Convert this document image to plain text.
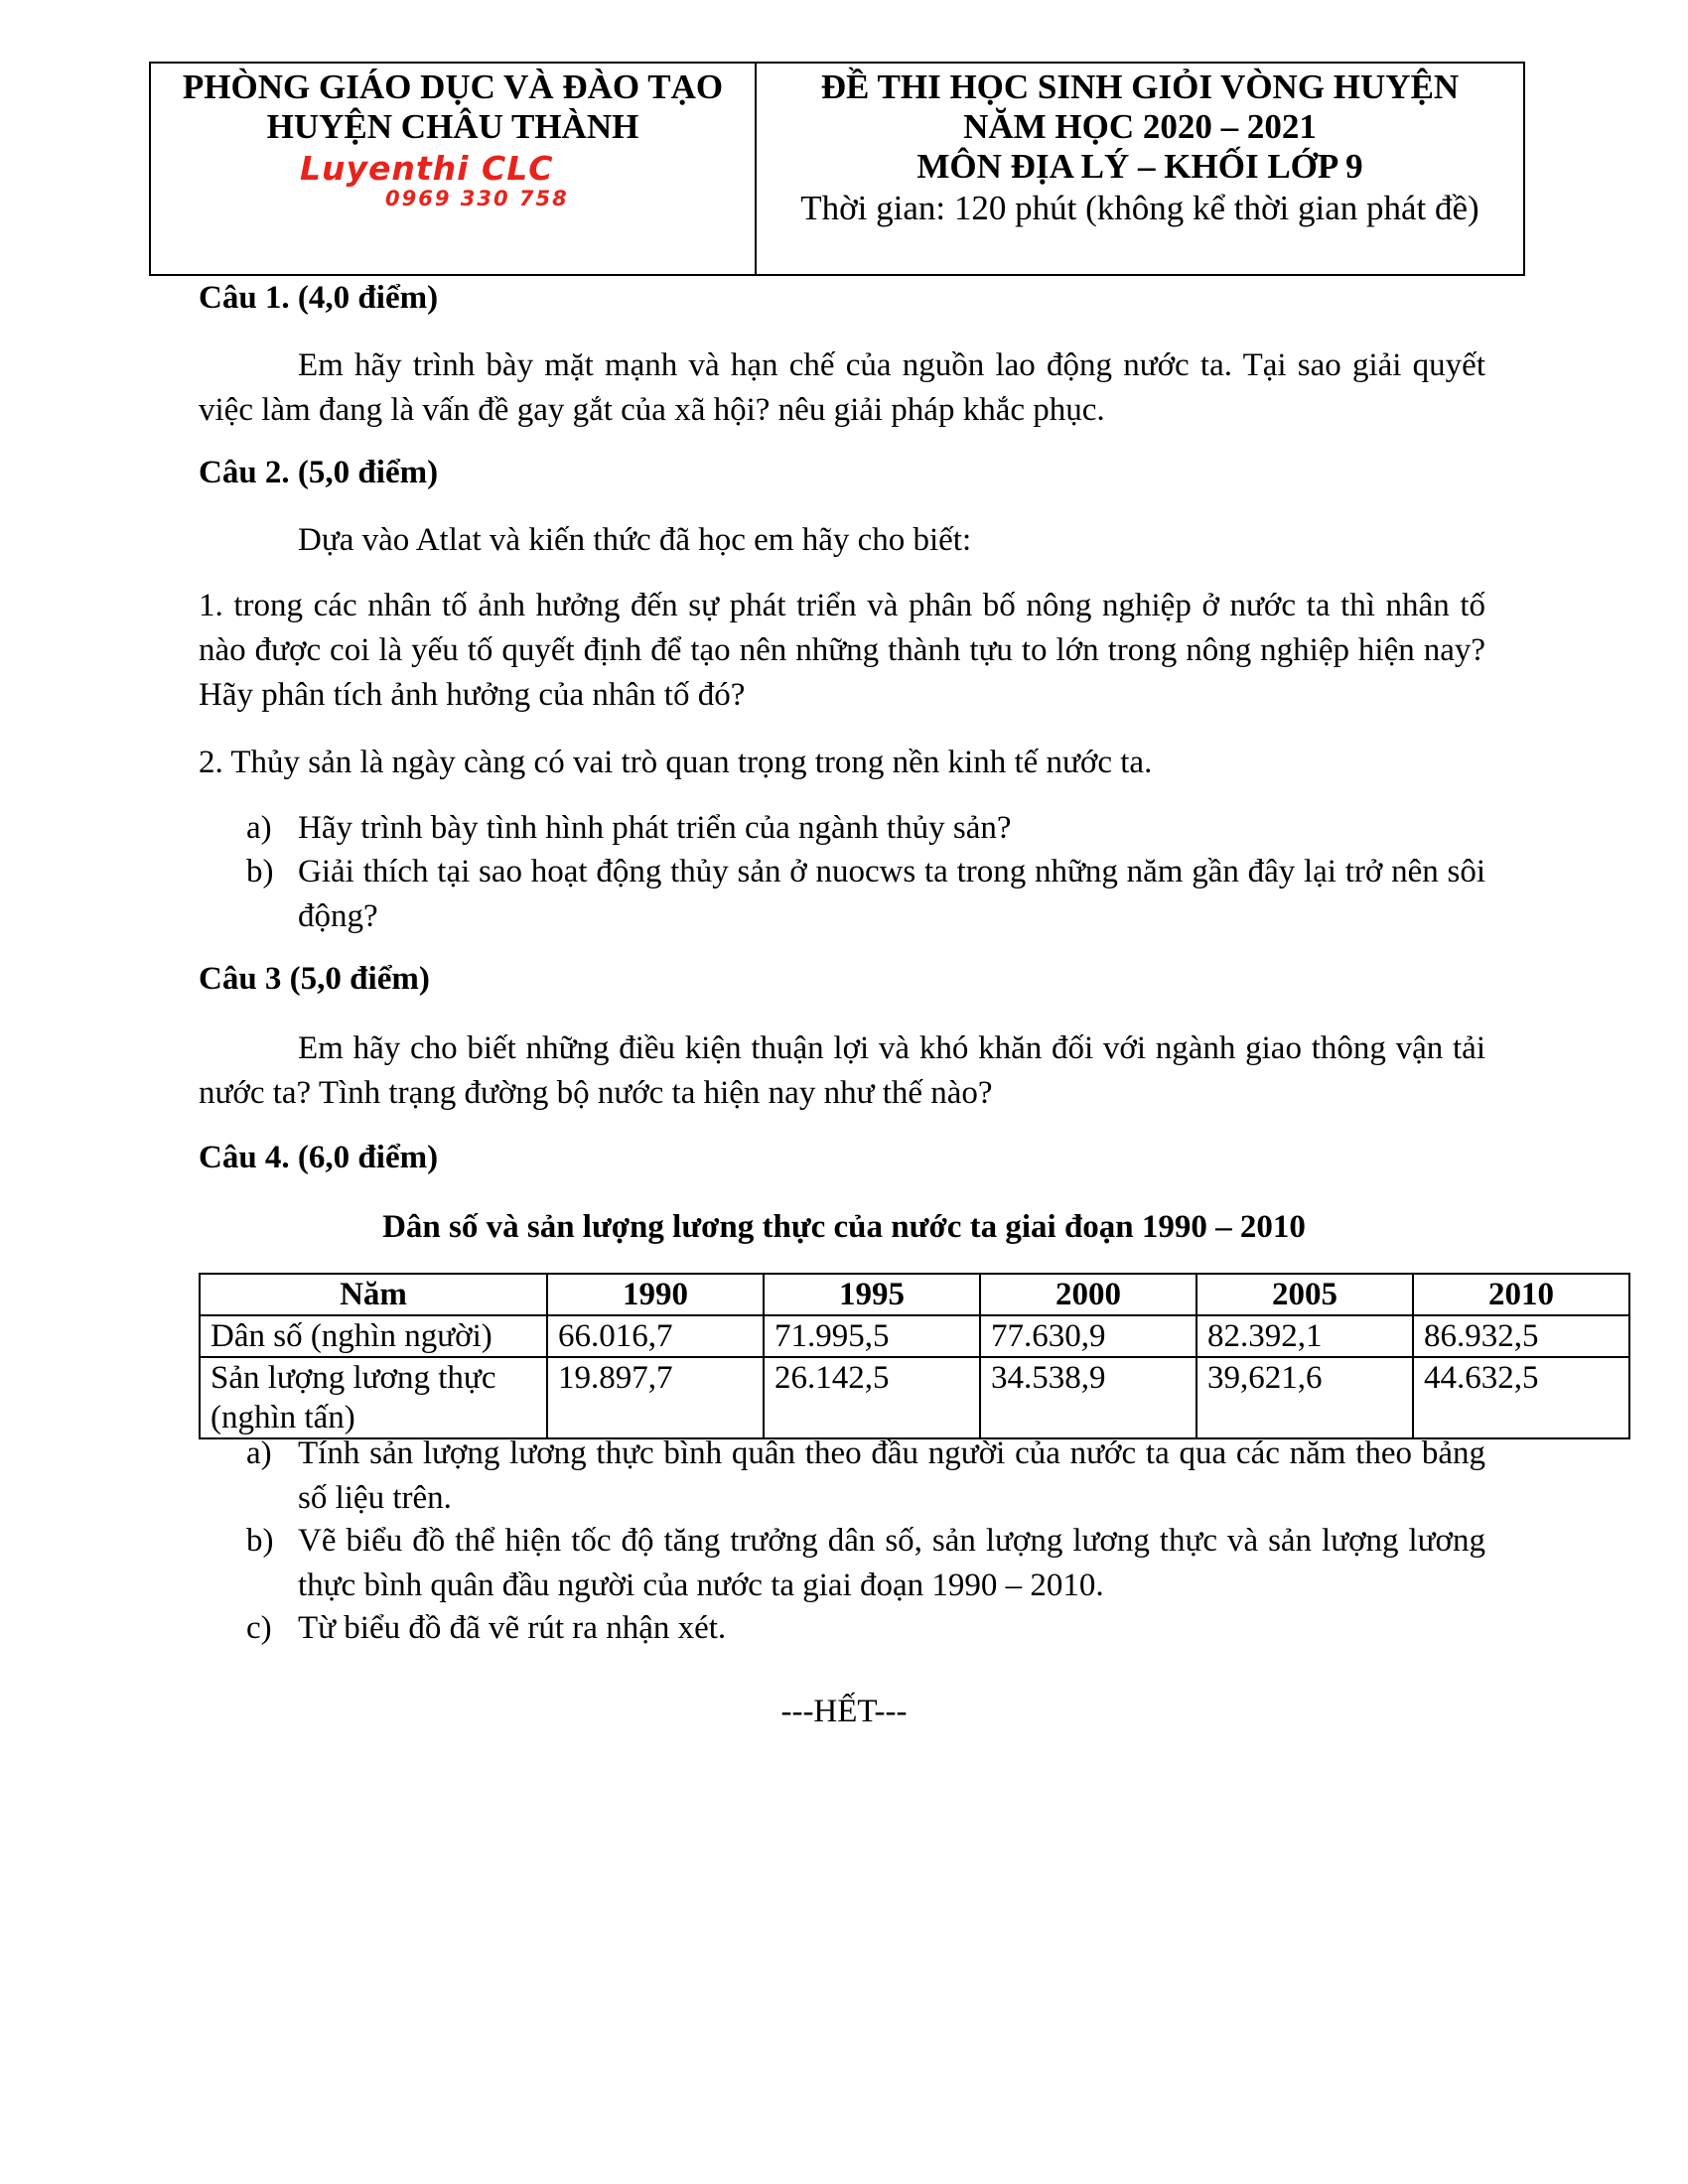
PHÒNG GIÁO DỤC VÀ ĐÀO TẠO

HUYỆN CHÂU THÀNH

Luyenthi CLC
0969 330 758

ĐỀ THI HỌC SINH GIỎI VÒNG HUYỆN

NĂM HỌC 2020 – 2021

MÔN ĐỊA LÝ – KHỐI LỚP 9

Thời gian: 120 phút (không kể thời gian phát đề)
Câu 1. (4,0 điểm)
Em hãy trình bày mặt mạnh và hạn chế của nguồn lao động nước ta. Tại sao giải quyết việc làm đang là vấn đề gay gắt của xã hội? nêu giải pháp khắc phục.
Câu 2. (5,0 điểm)
Dựa vào Atlat và kiến thức đã học em hãy cho biết:
1. trong các nhân tố ảnh hưởng đến sự phát triển và phân bố nông nghiệp ở nước ta thì nhân tố nào được coi là yếu tố quyết định để tạo nên những thành tựu to lớn trong nông nghiệp hiện nay? Hãy phân tích ảnh hưởng của nhân tố đó?
2. Thủy sản là ngày càng có vai trò quan trọng trong nền kinh tế nước ta.
a) Hãy trình bày tình hình phát triển của ngành thủy sản?
b) Giải thích tại sao hoạt động thủy sản ở nuocws ta trong những năm gần đây lại trở nên sôi động?
Câu 3 (5,0 điểm)
Em hãy cho biết những điều kiện thuận lợi và khó khăn đối với ngành giao thông vận tải nước ta? Tình trạng đường bộ nước ta hiện nay như thế nào?
Câu 4. (6,0 điểm)
Dân số và sản lượng lương thực của nước ta giai đoạn 1990 – 2010
Năm	1990	1995	2000	2005	2010
Dân số (nghìn người)	66.016,7	71.995,5	77.630,9	82.392,1	86.932,5
Sản lượng lương thực (nghìn tấn)	19.897,7	26.142,5	34.538,9	39,621,6	44.632,5
a) Tính sản lượng lương thực bình quân theo đầu người của nước ta qua các năm theo bảng số liệu trên.
b) Vẽ biểu đồ thể hiện tốc độ tăng trưởng dân số, sản lượng lương thực và sản lượng lương thực bình quân đầu người của nước ta giai đoạn 1990 – 2010.
c) Từ biểu đồ đã vẽ rút ra nhận xét.
---HẾT---
